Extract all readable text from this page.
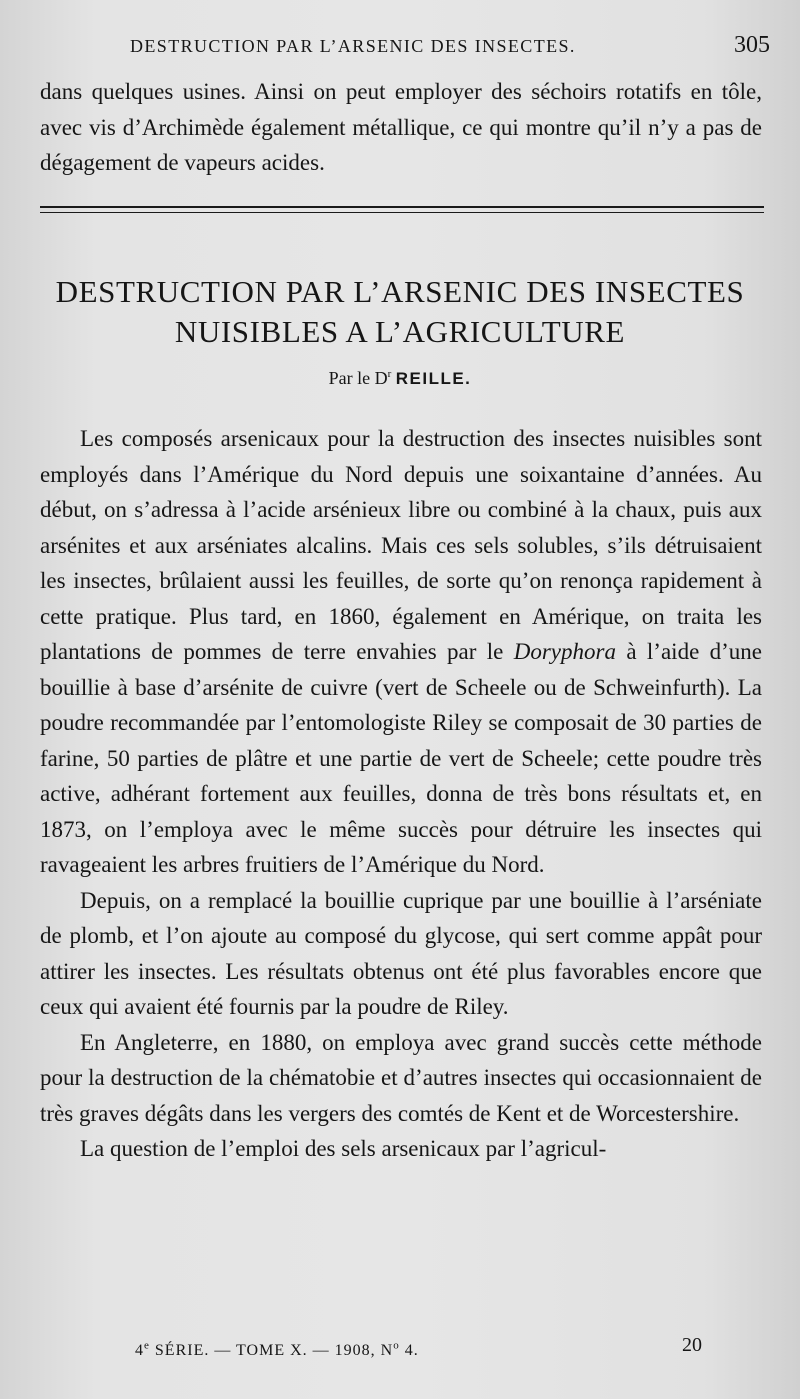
DESTRUCTION PAR L’ARSENIC DES INSECTES.	305

dans quelques usines. Ainsi on peut employer des séchoirs rotatifs en tôle, avec vis d’Archimède également métallique, ce qui montre qu’il n’y a pas de dégagement de vapeurs acides.

DESTRUCTION PAR L’ARSENIC DES INSECTES
NUISIBLES A L’AGRICULTURE
Par le $D^r$ REILLE.

Les composés arsenicaux pour la destruction des insectes nuisibles sont employés dans l’Amérique du Nord depuis une soixantaine d’années. Au début, on s’adressa à l’acide arsénieux libre ou combiné à la chaux, puis aux arsénites et aux arséniates alcalins. Mais ces sels solubles, s’ils détruisaient les insectes, brûlaient aussi les feuilles, de sorte qu’on renonça rapidement à cette pratique. Plus tard, en 1860, également en Amérique, on traita les plantations de pommes de terre envahies par le Doryphora à l’aide d’une bouillie à base d’arsénite de cuivre (vert de Scheele ou de Schweinfurth). La poudre recommandée par l’entomologiste Riley se composait de 30 parties de farine, 50 parties de plâtre et une partie de vert de Scheele; cette poudre très active, adhérant fortement aux feuilles, donna de très bons résultats et, en 1873, on l’employa avec le même succès pour détruire les insectes qui ravageaient les arbres fruitiers de l’Amérique du Nord.

Depuis, on a remplacé la bouillie cuprique par une bouillie à l’arséniate de plomb, et l’on ajoute au composé du glycose, qui sert comme appât pour attirer les insectes. Les résultats obtenus ont été plus favorables encore que ceux qui avaient été fournis par la poudre de Riley.

En Angleterre, en 1880, on employa avec grand succès cette méthode pour la destruction de la chématobie et d’autres insectes qui occasionnaient de très graves dégâts dans les vergers des comtés de Kent et de Worcestershire.

La question de l’emploi des sels arsenicaux par l’agricul-

4e SÉRIE. — TOME X. — 1908, $N^o$ 4.	20
